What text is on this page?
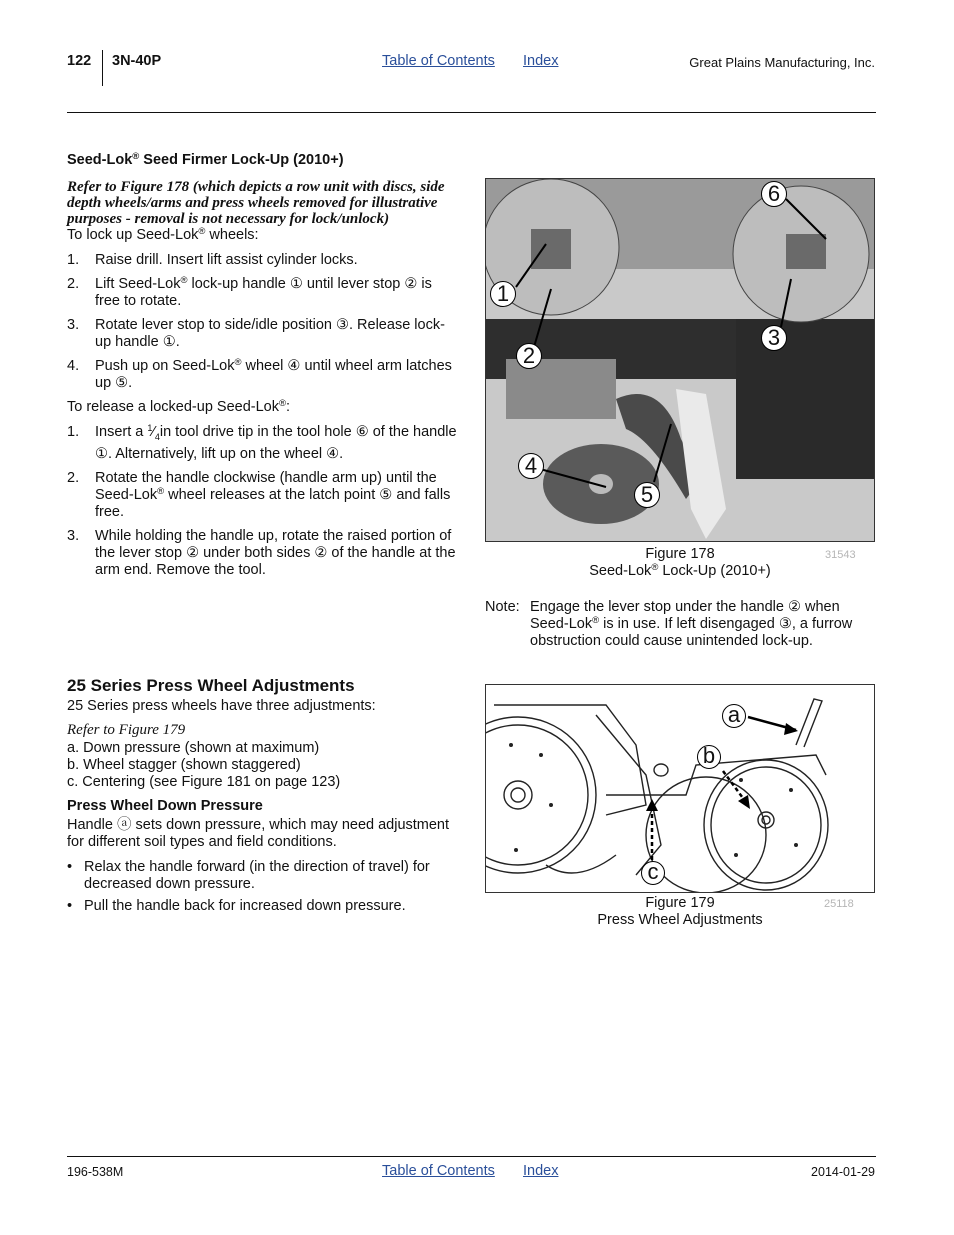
122 3N-40P	Table of Contents Index	Great Plains Manufacturing, Inc.
Seed-Lok® Seed Firmer Lock-Up (2010+)
Refer to Figure 178 (which depicts a row unit with discs, side depth wheels/arms and press wheels removed for illustrative purposes - removal is not necessary for lock/unlock)
To lock up Seed-Lok® wheels:
1. Raise drill. Insert lift assist cylinder locks.
2. Lift Seed-Lok® lock-up handle ① until lever stop ② is free to rotate.
3. Rotate lever stop to side/idle position ③. Release lock-up handle ①.
4. Push up on Seed-Lok® wheel ④ until wheel arm latches up ⑤.
To release a locked-up Seed-Lok®:
1. Insert a $^1⁄_4in$ tool drive tip in the tool hole ⑥ of the handle ①. Alternatively, lift up on the wheel ④.
2. Rotate the handle clockwise (handle arm up) until the Seed-Lok® wheel releases at the latch point ⑤ and falls free.
3. While holding the handle up, rotate the raised portion of the lever stop ② under both sides ② of the handle at the arm end. Remove the tool.
1
2
3
4
5
6
Figure 178
Seed-Lok® Lock-Up (2010+)
31543
Note: Engage the lever stop under the handle ② when Seed-Lok® is in use. If left disengaged ③, a furrow obstruction could cause unintended lock-up.
25 Series Press Wheel Adjustments
25 Series press wheels have three adjustments:
Refer to Figure 179
a. Down pressure (shown at maximum)
b. Wheel stagger (shown staggered)
c. Centering (see Figure 181 on page 123)
Press Wheel Down Pressure
Handle ⓐ sets down pressure, which may need adjustment for different soil types and field conditions.
• Relax the handle forward (in the direction of travel) for decreased down pressure.
• Pull the handle back for increased down pressure.
a
b
c
Figure 179
Press Wheel Adjustments
25118
196-538M	Table of Contents Index	2014-01-29
